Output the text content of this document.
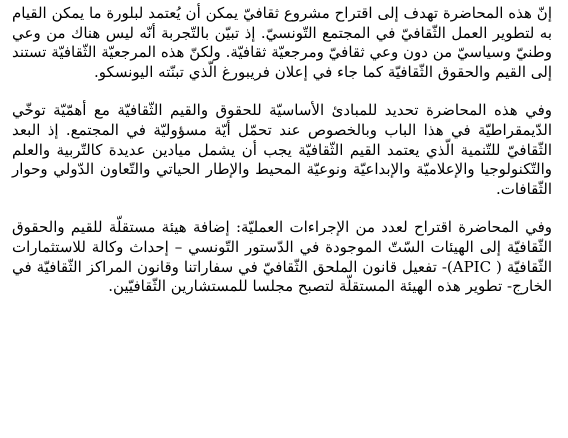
إنّ هذه المحاضرة تهدف إلى اقتراح مشروع ثقافيّ يمكن أن يُعتمد لبلورة ما يمكن القيام به لتطوير العمل الثّقافيّ في المجتمع التّونسيّ. إذ تبيّن بالتّجربة أنّه ليس هناك من وعي وطنيّ وسياسيّ من دون وعي ثقافيّ ومرجعيّة ثقافيّة. ولكنّ هذه المرجعيّة الثّقافيّة تستند إلى القيم والحقوق الثّقافيّة كما جاء في إعلان فريبورغ الّذي تبنّته اليونسكو.

وفي هذه المحاضرة تحديد للمبادئ الأساسيّة للحقوق والقيم الثّقافيّة مع أهمّيّة توخّي الدّيمقراطيّة في هذا الباب وبالخصوص عند تحمّل أيّة مسؤوليّة في المجتمع. إذ البعد الثّقافيّ للتّنمية الّذي يعتمد القيم الثّقافيّة يجب أن يشمل ميادين عديدة كالتّربية والعلم والتّكنولوجيا والإعلاميّة والإبداعيّة ونوعيّة المحيط والإطار الحياتي والتّعاون الدّولي وحوار الثّقافات.

وفي المحاضرة اقتراح لعدد من الإجراءات العمليّة: إضافة هيئة مستقلّة للقيم والحقوق الثّقافيّة إلى الهيئات السّتّ الموجودة في الدّستور التّونسي – إحداث وكالة للاستثمارات الثّقافيّة ( APIC)- تفعيل قانون الملحق الثّقافيّ في سفاراتنا وقانون المراكز الثّقافيّة في الخارج- تطوير هذه الهيئة المستقلّة لتصبح مجلسا للمستشارين الثّقافيّين.
